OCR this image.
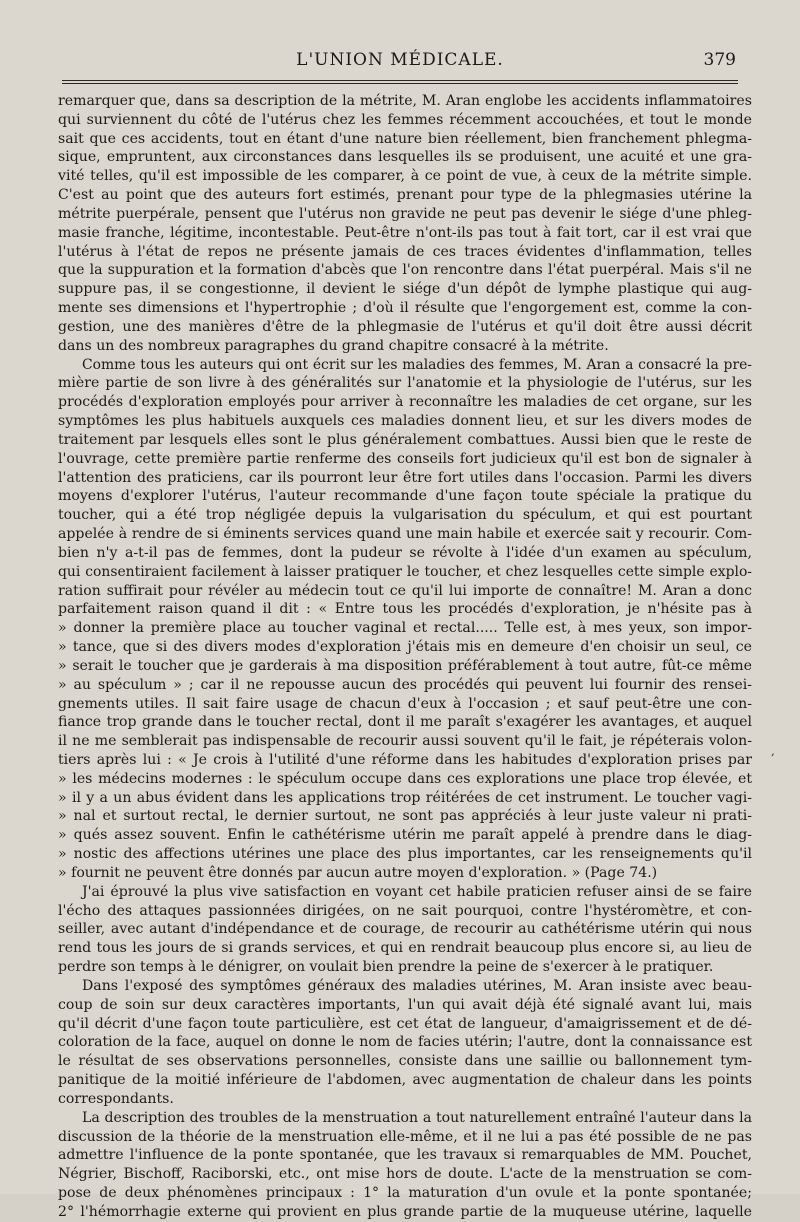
L'UNION MÉDICALE.	379

remarquer que, dans sa description de la métrite, M. Aran englobe les accidents inflammatoires

qui surviennent du côté de l'utérus chez les femmes récemment accouchées, et tout le monde

sait que ces accidents, tout en étant d'une nature bien réellement, bien franchement phlegma-

sique, empruntent, aux circonstances dans lesquelles ils se produisent, une acuité et une gra-

vité telles, qu'il est impossible de les comparer, à ce point de vue, à ceux de la métrite simple.

C'est au point que des auteurs fort estimés, prenant pour type de la phlegmasies utérine la

métrite puerpérale, pensent que l'utérus non gravide ne peut pas devenir le siége d'une phleg-

masie franche, légitime, incontestable. Peut-être n'ont-ils pas tout à fait tort, car il est vrai que

l'utérus à l'état de repos ne présente jamais de ces traces évidentes d'inflammation, telles

que la suppuration et la formation d'abcès que l'on rencontre dans l'état puerpéral. Mais s'il ne

suppure pas, il se congestionne, il devient le siége d'un dépôt de lymphe plastique qui aug-

mente ses dimensions et l'hypertrophie ; d'où il résulte que l'engorgement est, comme la con-

gestion, une des manières d'être de la phlegmasie de l'utérus et qu'il doit être aussi décrit

dans un des nombreux paragraphes du grand chapitre consacré à la métrite.

Comme tous les auteurs qui ont écrit sur les maladies des femmes, M. Aran a consacré la pre-

mière partie de son livre à des généralités sur l'anatomie et la physiologie de l'utérus, sur les

procédés d'exploration employés pour arriver à reconnaître les maladies de cet organe, sur les

symptômes les plus habituels auxquels ces maladies donnent lieu, et sur les divers modes de

traitement par lesquels elles sont le plus généralement combattues. Aussi bien que le reste de

l'ouvrage, cette première partie renferme des conseils fort judicieux qu'il est bon de signaler à

l'attention des praticiens, car ils pourront leur être fort utiles dans l'occasion. Parmi les divers

moyens d'explorer l'utérus, l'auteur recommande d'une façon toute spéciale la pratique du

toucher, qui a été trop négligée depuis la vulgarisation du spéculum, et qui est pourtant

appelée à rendre de si éminents services quand une main habile et exercée sait y recourir. Com-

bien n'y a-t-il pas de femmes, dont la pudeur se révolte à l'idée d'un examen au spéculum,

qui consentiraient facilement à laisser pratiquer le toucher, et chez lesquelles cette simple explo-

ration suffirait pour révéler au médecin tout ce qu'il lui importe de connaître! M. Aran a donc

parfaitement raison quand il dit : « Entre tous les procédés d'exploration, je n'hésite pas à

» donner la première place au toucher vaginal et rectal..... Telle est, à mes yeux, son impor-

» tance, que si des divers modes d'exploration j'étais mis en demeure d'en choisir un seul, ce

» serait le toucher que je garderais à ma disposition préférablement à tout autre, fût-ce même

» au spéculum » ; car il ne repousse aucun des procédés qui peuvent lui fournir des rensei-

gnements utiles. Il sait faire usage de chacun d'eux à l'occasion ; et sauf peut-être une con-

fiance trop grande dans le toucher rectal, dont il me paraît s'exagérer les avantages, et auquel

il ne me semblerait pas indispensable de recourir aussi souvent qu'il le fait, je répéterais volon-

tiers après lui : « Je crois à l'utilité d'une réforme dans les habitudes d'exploration prises par

» les médecins modernes : le spéculum occupe dans ces explorations une place trop élevée, et

» il y a un abus évident dans les applications trop réitérées de cet instrument. Le toucher vagi-

» nal et surtout rectal, le dernier surtout, ne sont pas appréciés à leur juste valeur ni prati-

» qués assez souvent. Enfin le cathétérisme utérin me paraît appelé à prendre dans le diag-

» nostic des affections utérines une place des plus importantes, car les renseignements qu'il

» fournit ne peuvent être donnés par aucun autre moyen d'exploration. » (Page 74.)

J'ai éprouvé la plus vive satisfaction en voyant cet habile praticien refuser ainsi de se faire

l'écho des attaques passionnées dirigées, on ne sait pourquoi, contre l'hystéromètre, et con-

seiller, avec autant d'indépendance et de courage, de recourir au cathétérisme utérin qui nous

rend tous les jours de si grands services, et qui en rendrait beaucoup plus encore si, au lieu de

perdre son temps à le dénigrer, on voulait bien prendre la peine de s'exercer à le pratiquer.

Dans l'exposé des symptômes généraux des maladies utérines, M. Aran insiste avec beau-

coup de soin sur deux caractères importants, l'un qui avait déjà été signalé avant lui, mais

qu'il décrit d'une façon toute particulière, est cet état de langueur, d'amaigrissement et de dé-

coloration de la face, auquel on donne le nom de facies utérin; l'autre, dont la connaissance est

le résultat de ses observations personnelles, consiste dans une saillie ou ballonnement tym-

panitique de la moitié inférieure de l'abdomen, avec augmentation de chaleur dans les points

correspondants.

La description des troubles de la menstruation a tout naturellement entraîné l'auteur dans la

discussion de la théorie de la menstruation elle-même, et il ne lui a pas été possible de ne pas

admettre l'influence de la ponte spontanée, que les travaux si remarquables de MM. Pouchet,

Négrier, Bischoff, Raciborski, etc., ont mise hors de doute. L'acte de la menstruation se com-

pose de deux phénomènes principaux : 1° la maturation d'un ovule et la ponte spontanée;

2° l'hémorrhagie externe qui provient en plus grande partie de la muqueuse utérine, laquelle

,
